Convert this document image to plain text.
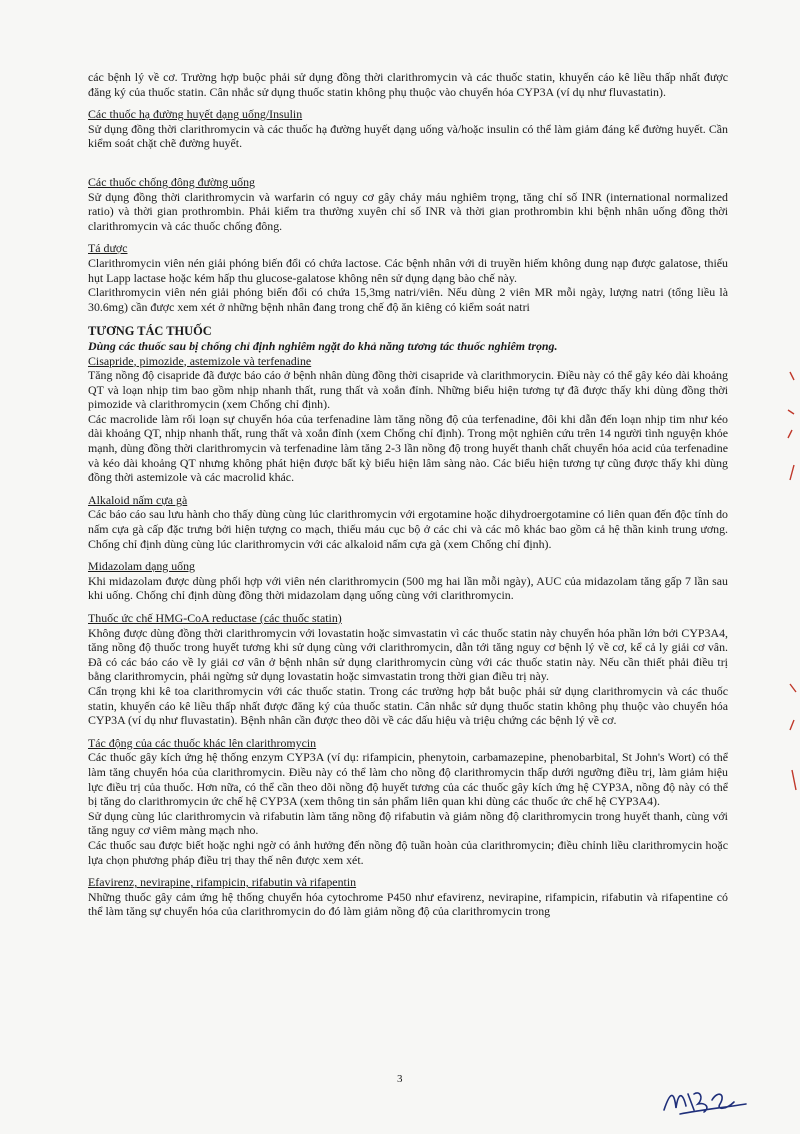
các bệnh lý về cơ. Trường hợp buộc phải sử dụng đồng thời clarithromycin và các thuốc statin, khuyến cáo kê liều thấp nhất được đăng ký của thuốc statin. Cân nhắc sử dụng thuốc statin không phụ thuộc vào chuyển hóa CYP3A (ví dụ như fluvastatin).

Các thuốc hạ đường huyết dạng uống/Insulin

Sử dụng đồng thời clarithromycin và các thuốc hạ đường huyết dạng uống và/hoặc insulin có thể làm giảm đáng kể đường huyết. Cần kiểm soát chặt chẽ đường huyết.

Các thuốc chống đông đường uống

Sử dụng đồng thời clarithromycin và warfarin có nguy cơ gây chảy máu nghiêm trọng, tăng chỉ số INR (international normalized ratio) và thời gian prothrombin. Phải kiểm tra thường xuyên chỉ số INR và thời gian prothrombin khi bệnh nhân uống đồng thời clarithromycin và các thuốc chống đông.

Tá dược

Clarithromycin viên nén giải phóng biến đổi có chứa lactose. Các bệnh nhân với di truyền hiếm không dung nạp được galatose, thiếu hụt Lapp lactase hoặc kém hấp thu glucose-galatose không nên sử dụng dạng bào chế này.

Clarithromycin viên nén giải phóng biến đổi có chứa 15,3mg natri/viên. Nếu dùng 2 viên MR mỗi ngày, lượng natri (tổng liều là 30.6mg) cần được xem xét ở những bệnh nhân đang trong chế độ ăn kiêng có kiểm soát natri

TƯƠNG TÁC THUỐC

Dùng các thuốc sau bị chống chỉ định nghiêm ngặt do khả năng tương tác thuốc nghiêm trọng.

Cisapride, pimozide, astemizole và terfenadine

Tăng nồng độ cisapride đã được báo cáo ở bệnh nhân dùng đồng thời cisapride và clarithmorycin. Điều này có thể gây kéo dài khoảng QT và loạn nhịp tim bao gồm nhịp nhanh thất, rung thất và xoắn đỉnh. Những biểu hiện tương tự đã được thấy khi dùng đồng thời pimozide và clarithromycin (xem Chống chỉ định).

Các macrolide làm rối loạn sự chuyển hóa của terfenadine làm tăng nồng độ của terfenadine, đôi khi dẫn đến loạn nhịp tim như kéo dài khoảng QT, nhịp nhanh thất, rung thất và xoắn đỉnh (xem Chống chỉ định). Trong một nghiên cứu trên 14 người tình nguyện khỏe mạnh, dùng đồng thời clarithromycin và terfenadine làm tăng 2-3 lần nồng độ trong huyết thanh chất chuyển hóa acid của terfenadine và kéo dài khoảng QT nhưng không phát hiện được bất kỳ biểu hiện lâm sàng nào. Các biểu hiện tương tự cũng được thấy khi dùng đồng thời astemizole và các macrolid khác.

Alkaloid nấm cựa gà

Các báo cáo sau lưu hành cho thấy dùng cùng lúc clarithromycin với ergotamine hoặc dihydroergotamine có liên quan đến độc tính do nấm cựa gà cấp đặc trưng bởi hiện tượng co mạch, thiếu máu cục bộ ở các chi và các mô khác bao gồm cả hệ thần kinh trung ương. Chống chỉ định dùng cùng lúc clarithromycin với các alkaloid nấm cựa gà (xem Chống chỉ định).

Midazolam dạng uống

Khi midazolam được dùng phối hợp với viên nén clarithromycin (500 mg hai lần mỗi ngày), AUC của midazolam tăng gấp 7 lần sau khi uống. Chống chỉ định dùng đồng thời midazolam dạng uống cùng với clarithromycin.

Thuốc ức chế HMG-CoA reductase (các thuốc statin)

Không được dùng đồng thời clarithromycin với lovastatin hoặc simvastatin vì các thuốc statin này chuyển hóa phần lớn bởi CYP3A4, tăng nồng độ thuốc trong huyết tương khi sử dụng cùng với clarithromycin, dẫn tới tăng nguy cơ bệnh lý về cơ, kể cả ly giải cơ vân. Đã có các báo cáo về ly giải cơ vân ở bệnh nhân sử dụng clarithromycin cùng với các thuốc statin này. Nếu cần thiết phải điều trị bằng clarithromycin, phải ngừng sử dụng lovastatin hoặc simvastatin trong thời gian điều trị này.

Cẩn trọng khi kê toa clarithromycin với các thuốc statin. Trong các trường hợp bắt buộc phải sử dụng clarithromycin và các thuốc statin, khuyến cáo kê liều thấp nhất được đăng ký của thuốc statin. Cân nhắc sử dụng thuốc statin không phụ thuộc vào chuyển hóa CYP3A (ví dụ như fluvastatin). Bệnh nhân cần được theo dõi về các dấu hiệu và triệu chứng các bệnh lý về cơ.

Tác động của các thuốc khác lên clarithromycin

Các thuốc gây kích ứng hệ thống enzym CYP3A (ví dụ: rifampicin, phenytoin, carbamazepine, phenobarbital, St John's Wort) có thể làm tăng chuyển hóa của clarithromycin. Điều này có thể làm cho nồng độ clarithromycin thấp dưới ngưỡng điều trị, làm giảm hiệu lực điều trị của thuốc. Hơn nữa, có thể cần theo dõi nồng độ huyết tương của các thuốc gây kích ứng hệ CYP3A, nồng độ này có thể bị tăng do clarithromycin ức chế hệ CYP3A (xem thông tin sản phẩm liên quan khi dùng các thuốc ức chế hệ CYP3A4).

Sử dụng cùng lúc clarithromycin và rifabutin làm tăng nồng độ rifabutin và giảm nồng độ clarithromycin trong huyết thanh, cùng với tăng nguy cơ viêm màng mạch nho.

Các thuốc sau được biết hoặc nghi ngờ có ảnh hưởng đến nồng độ tuần hoàn của clarithromycin; điều chỉnh liều clarithromycin hoặc lựa chọn phương pháp điều trị thay thế nên được xem xét.

Efavirenz, nevirapine, rifampicin, rifabutin và rifapentin

Những thuốc gây cảm ứng hệ thống chuyển hóa cytochrome P450 như efavirenz, nevirapine, rifampicin, rifabutin và rifapentine có thể làm tăng sự chuyển hóa của clarithromycin do đó làm giảm nồng độ của clarithromycin trong

3
